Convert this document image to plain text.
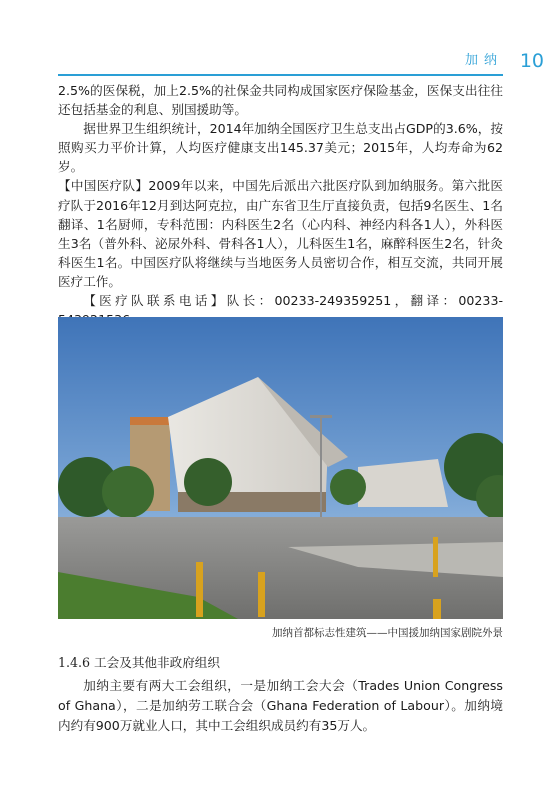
加纳 10

2.5%的医保税，加上2.5%的社保金共同构成国家医疗保险基金，医保支出往往还包括基金的利息、别国援助等。

据世界卫生组织统计，2014年加纳全国医疗卫生总支出占GDP的3.6%，按照购买力平价计算，人均医疗健康支出145.37美元；2015年，人均寿命为62岁。

【中国医疗队】2009年以来，中国先后派出六批医疗队到加纳服务。第六批医疗队于2016年12月到达阿克拉，由广东省卫生厅直接负责，包括9名医生、1名翻译、1名厨师，专科范围：内科医生2名（心内科、神经内科各1人），外科医生3名（普外科、泌尿外科、骨科各1人），儿科医生1名，麻醉科医生2名，针灸科医生1名。中国医疗队将继续与当地医务人员密切合作，相互交流，共同开展医疗工作。

【医疗队联系电话】队长：00233-249359251，翻译：00233-

加纳首都标志性建筑——中国援加纳国家剧院外景
1.4.6 工会及其他非政府组织

加纳主要有两大工会组织，一是加纳工会大会（Trades Union Congress of Ghana），二是加纳劳工联合会（Ghana Federation of Labour）。加纳境内约有900万就业人口，其中工会组织成员约有35万人。
